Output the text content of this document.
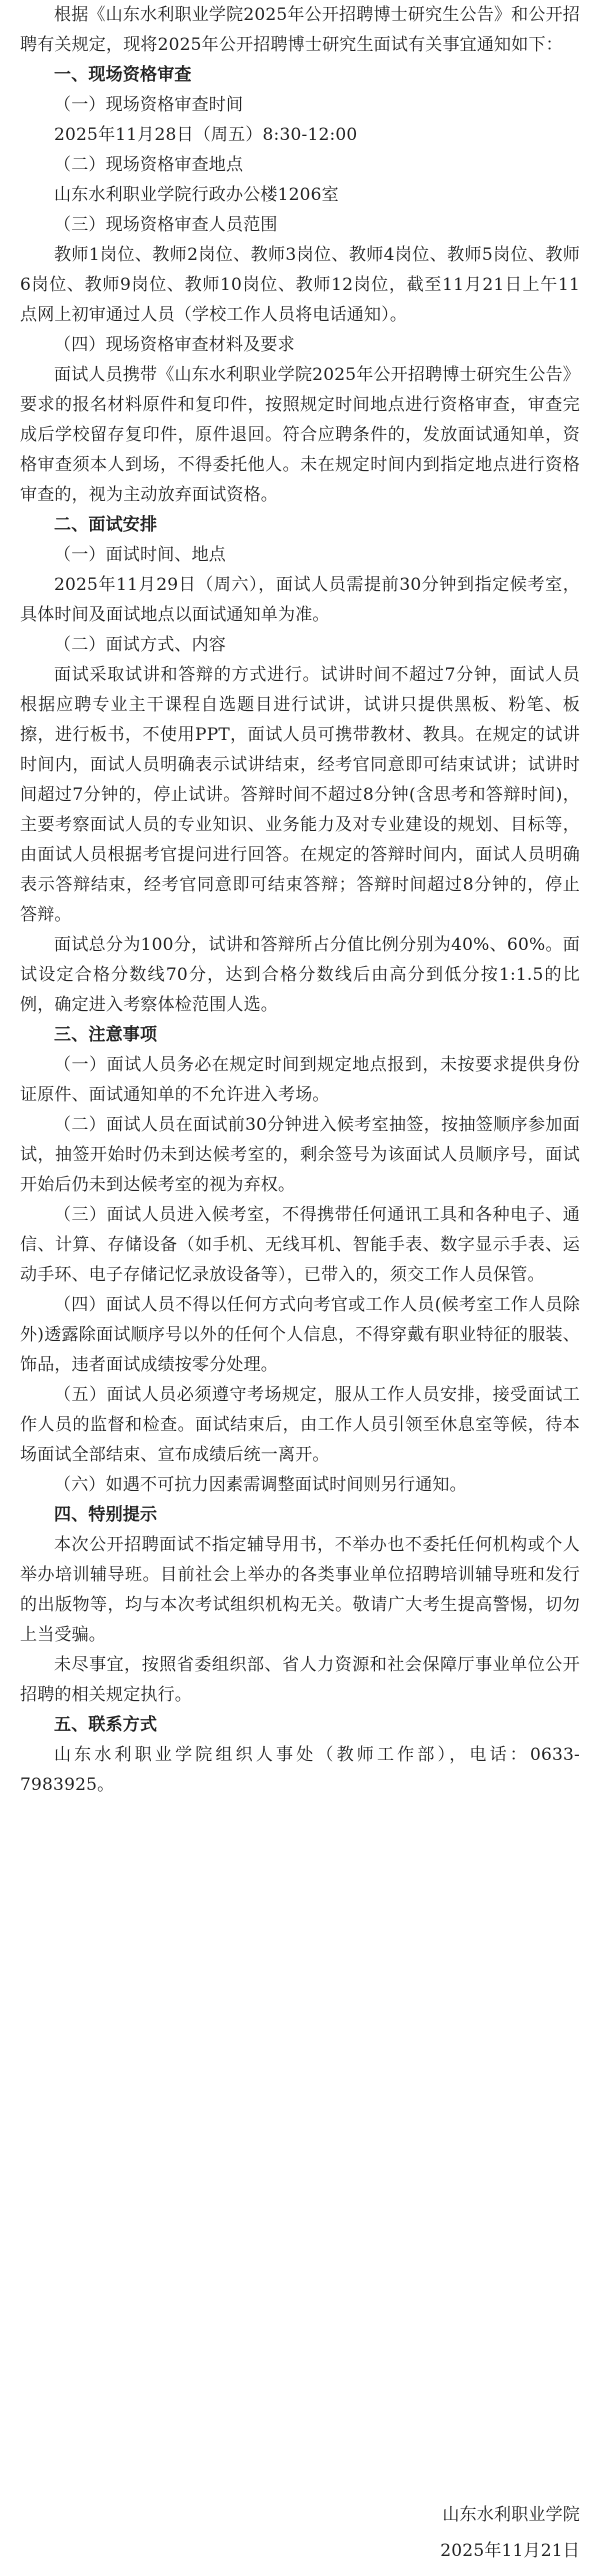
根据《山东水利职业学院2025年公开招聘博士研究生公告》和公开招聘有关规定，现将2025年公开招聘博士研究生面试有关事宜通知如下：

一、现场资格审查

（一）现场资格审查时间

2025年11月28日（周五）8:30-12:00

（二）现场资格审查地点

山东水利职业学院行政办公楼1206室

（三）现场资格审查人员范围

教师1岗位、教师2岗位、教师3岗位、教师4岗位、教师5岗位、教师6岗位、教师9岗位、教师10岗位、教师12岗位，截至11月21日上午11点网上初审通过人员（学校工作人员将电话通知）。

（四）现场资格审查材料及要求

面试人员携带《山东水利职业学院2025年公开招聘博士研究生公告》要求的报名材料原件和复印件，按照规定时间地点进行资格审查，审查完成后学校留存复印件，原件退回。符合应聘条件的，发放面试通知单，资格审查须本人到场，不得委托他人。未在规定时间内到指定地点进行资格审查的，视为主动放弃面试资格。

二、面试安排

（一）面试时间、地点

2025年11月29日（周六），面试人员需提前30分钟到指定候考室，具体时间及面试地点以面试通知单为准。

（二）面试方式、内容

面试采取试讲和答辩的方式进行。试讲时间不超过7分钟，面试人员根据应聘专业主干课程自选题目进行试讲，试讲只提供黑板、粉笔、板擦，进行板书，不使用PPT，面试人员可携带教材、教具。在规定的试讲时间内，面试人员明确表示试讲结束，经考官同意即可结束试讲；试讲时间超过7分钟的，停止试讲。答辩时间不超过8分钟(含思考和答辩时间)，主要考察面试人员的专业知识、业务能力及对专业建设的规划、目标等，由面试人员根据考官提问进行回答。在规定的答辩时间内，面试人员明确表示答辩结束，经考官同意即可结束答辩；答辩时间超过8分钟的，停止答辩。

面试总分为100分，试讲和答辩所占分值比例分别为40%、60%。面试设定合格分数线70分，达到合格分数线后由高分到低分按1:1.5的比例，确定进入考察体检范围人选。

三、注意事项

（一）面试人员务必在规定时间到规定地点报到，未按要求提供身份证原件、面试通知单的不允许进入考场。

（二）面试人员在面试前30分钟进入候考室抽签，按抽签顺序参加面试，抽签开始时仍未到达候考室的，剩余签号为该面试人员顺序号，面试开始后仍未到达候考室的视为弃权。

（三）面试人员进入候考室，不得携带任何通讯工具和各种电子、通信、计算、存储设备（如手机、无线耳机、智能手表、数字显示手表、运动手环、电子存储记忆录放设备等），已带入的，须交工作人员保管。

（四）面试人员不得以任何方式向考官或工作人员(候考室工作人员除外)透露除面试顺序号以外的任何个人信息，不得穿戴有职业特征的服装、饰品，违者面试成绩按零分处理。

（五）面试人员必须遵守考场规定，服从工作人员安排，接受面试工作人员的监督和检查。面试结束后，由工作人员引领至休息室等候，待本场面试全部结束、宣布成绩后统一离开。

（六）如遇不可抗力因素需调整面试时间则另行通知。

四、特别提示

本次公开招聘面试不指定辅导用书，不举办也不委托任何机构或个人举办培训辅导班。目前社会上举办的各类事业单位招聘培训辅导班和发行的出版物等，均与本次考试组织机构无关。敬请广大考生提高警惕，切勿上当受骗。

未尽事宜，按照省委组织部、省人力资源和社会保障厅事业单位公开招聘的相关规定执行。

五、联系方式

山东水利职业学院组织人事处（教师工作部），电话：0633-7983925。

山东水利职业学院

2025年11月21日
